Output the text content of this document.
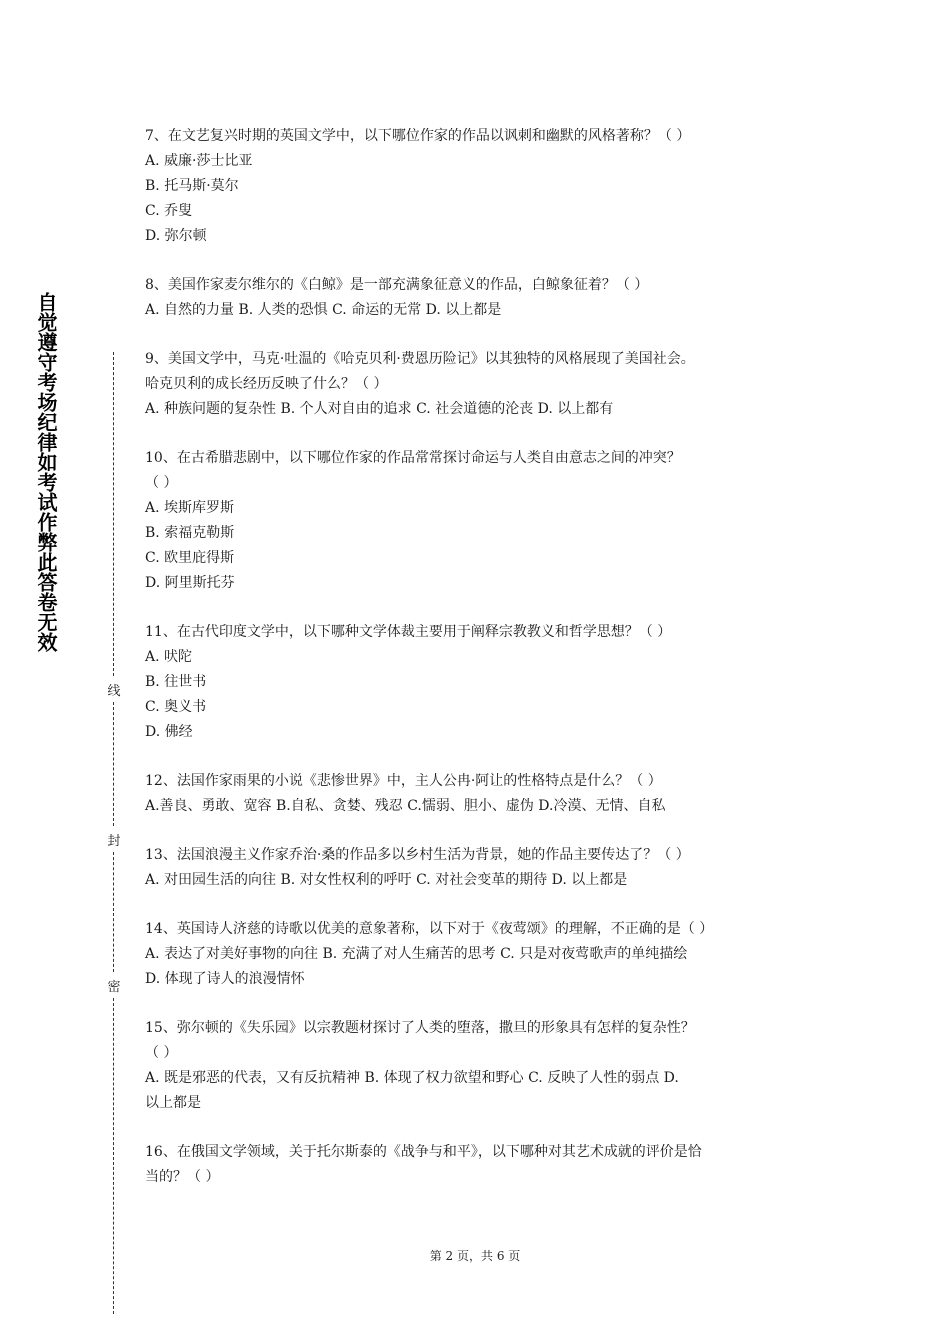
自觉遵守考场纪律如考试作弊此答卷无效
线
封
密

7、在文艺复兴时期的英国文学中，以下哪位作家的作品以讽刺和幽默的风格著称？（ ）

A. 威廉·莎士比亚

B. 托马斯·莫尔

C. 乔叟

D. 弥尔顿

8、美国作家麦尔维尔的《白鲸》是一部充满象征意义的作品，白鲸象征着？（ ）

A. 自然的力量 B. 人类的恐惧 C. 命运的无常 D. 以上都是

9、美国文学中，马克·吐温的《哈克贝利·费恩历险记》以其独特的风格展现了美国社会。

哈克贝利的成长经历反映了什么？（ ）

A. 种族问题的复杂性 B. 个人对自由的追求 C. 社会道德的沦丧 D. 以上都有

10、在古希腊悲剧中，以下哪位作家的作品常常探讨命运与人类自由意志之间的冲突？

（ ）

A. 埃斯库罗斯

B. 索福克勒斯

C. 欧里庇得斯

D. 阿里斯托芬

11、在古代印度文学中，以下哪种文学体裁主要用于阐释宗教教义和哲学思想？（ ）

A. 吠陀

B. 往世书

C. 奥义书

D. 佛经

12、法国作家雨果的小说《悲惨世界》中，主人公冉·阿让的性格特点是什么？（ ）

A.善良、勇敢、宽容 B.自私、贪婪、残忍 C.懦弱、胆小、虚伪 D.冷漠、无情、自私

13、法国浪漫主义作家乔治·桑的作品多以乡村生活为背景，她的作品主要传达了？（ ）

A. 对田园生活的向往 B. 对女性权利的呼吁 C. 对社会变革的期待 D. 以上都是

14、英国诗人济慈的诗歌以优美的意象著称，以下对于《夜莺颂》的理解，不正确的是（ ）

A. 表达了对美好事物的向往 B. 充满了对人生痛苦的思考 C. 只是对夜莺歌声的单纯描绘

D. 体现了诗人的浪漫情怀

15、弥尔顿的《失乐园》以宗教题材探讨了人类的堕落，撒旦的形象具有怎样的复杂性？

（ ）

A. 既是邪恶的代表，又有反抗精神 B. 体现了权力欲望和野心 C. 反映了人性的弱点 D.

以上都是

16、在俄国文学领域，关于托尔斯泰的《战争与和平》，以下哪种对其艺术成就的评价是恰

当的？（ ）

第 2 页，共 6 页
